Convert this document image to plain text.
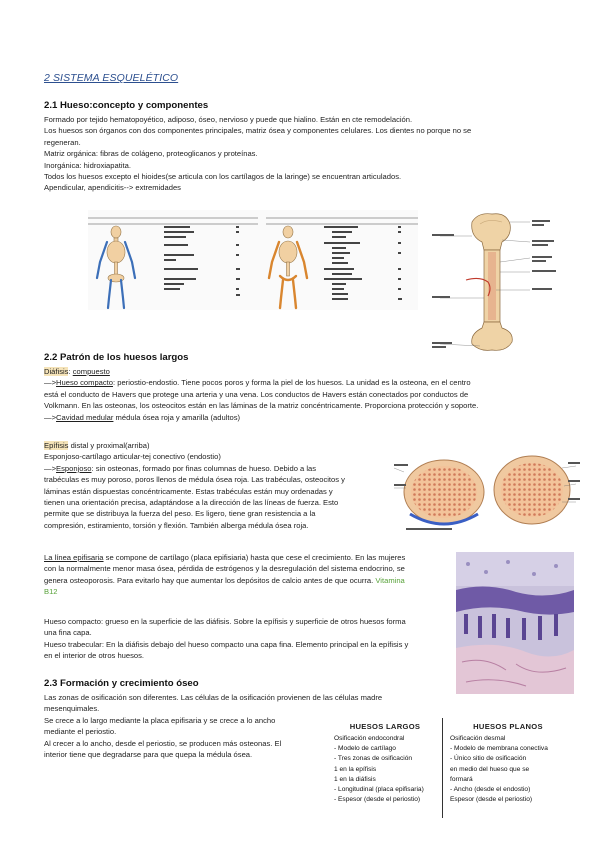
2 SISTEMA ESQUELÉTICO
2.1 Hueso:concepto y componentes
Formado por tejido hematopoyético, adiposo, óseo, nervioso y puede que hialino. Están en cte remodelación.
Los huesos son órganos con dos componentes principales, matriz ósea y componentes celulares. Los dientes no porque no se
regeneran.
Matriz orgánica: fibras de colágeno, proteoglicanos y proteínas.
Inorgánica: hidroxiapatita.
Todos los huesos excepto el hioides(se articula con los cartílagos de la laringe) se encuentran articulados.
Apendicular, apendicitis--> extremidades
2.2 Patrón de los huesos largos
Diáfisis: compuesto
—>Hueso compacto: periostio-endostio. Tiene pocos poros y forma la piel de los huesos. La unidad es la osteona, en el centro
está el conducto de Havers que protege una arteria y una vena. Los conductos de Havers están conectados por conductos de
Volkmann. En las osteonas, los osteocitos están en las láminas de la matriz concéntricamente. Proporciona protección y soporte.
—>Cavidad medular médula ósea roja y amarilla (adultos)
Epífisis distal y proximal(arriba)
Esponjoso-cartílago articular-tej conectivo (endostio)
—>Esponjoso: sin osteonas, formado por finas columnas de hueso. Debido a las
trabéculas es muy poroso, poros llenos de médula ósea roja. Las trabéculas, osteocitos y
láminas están dispuestas concéntricamente. Estas trabéculas están muy ordenadas y
tienen una orientación precisa, adaptándose a la dirección de las líneas de fuerza. Esto
permite que se distribuya la fuerza del peso. Es ligero, tiene gran resistencia a la
compresión, estiramiento, torsión y flexión. También alberga médula ósea roja.
La línea epifisaria se compone de cartílago (placa epifisiaria) hasta que cese el crecimiento. En las mujeres
con la normalmente menor masa ósea, pérdida de estrógenos y la desregulación del sistema endocrino, se
genera osteoporosis. Para evitarlo hay que aumentar los depósitos de calcio antes de que ocurra. Vitamina
B12
Hueso compacto: grueso en la superficie de las diáfisis. Sobre la epífisis y superficie de otros huesos forma
una fina capa.
Hueso trabecular: En la diáfisis debajo del hueso compacto una capa fina. Elemento principal en la epífisis y
en el interior de otros huesos.
2.3 Formación y crecimiento óseo
Las zonas de osificación son diferentes. Las células de la osificación provienen de las células madre
mesenquimales.
Se crece a lo largo mediante la placa epifisaria y se crece a lo ancho
mediante el periostio.
Al crecer a lo ancho, desde el periostio, se producen más osteonas. El
interior tiene que degradarse para que quepa la médula ósea.
HUESOS LARGOS	HUESOS PLANOS
Osificación endocondral
- Modelo de cartílago
- Tres zonas de osificación
1 en la epífisis
1 en la diáfisis
- Longitudinal (placa epifisaria)
- Espesor (desde el periostio)
Osificación desmal
- Modelo de membrana conectiva
- Único sitio de osificación
en medio del hueso que se
formará
- Ancho (desde el endostio)
Espesor (desde el periostio)
